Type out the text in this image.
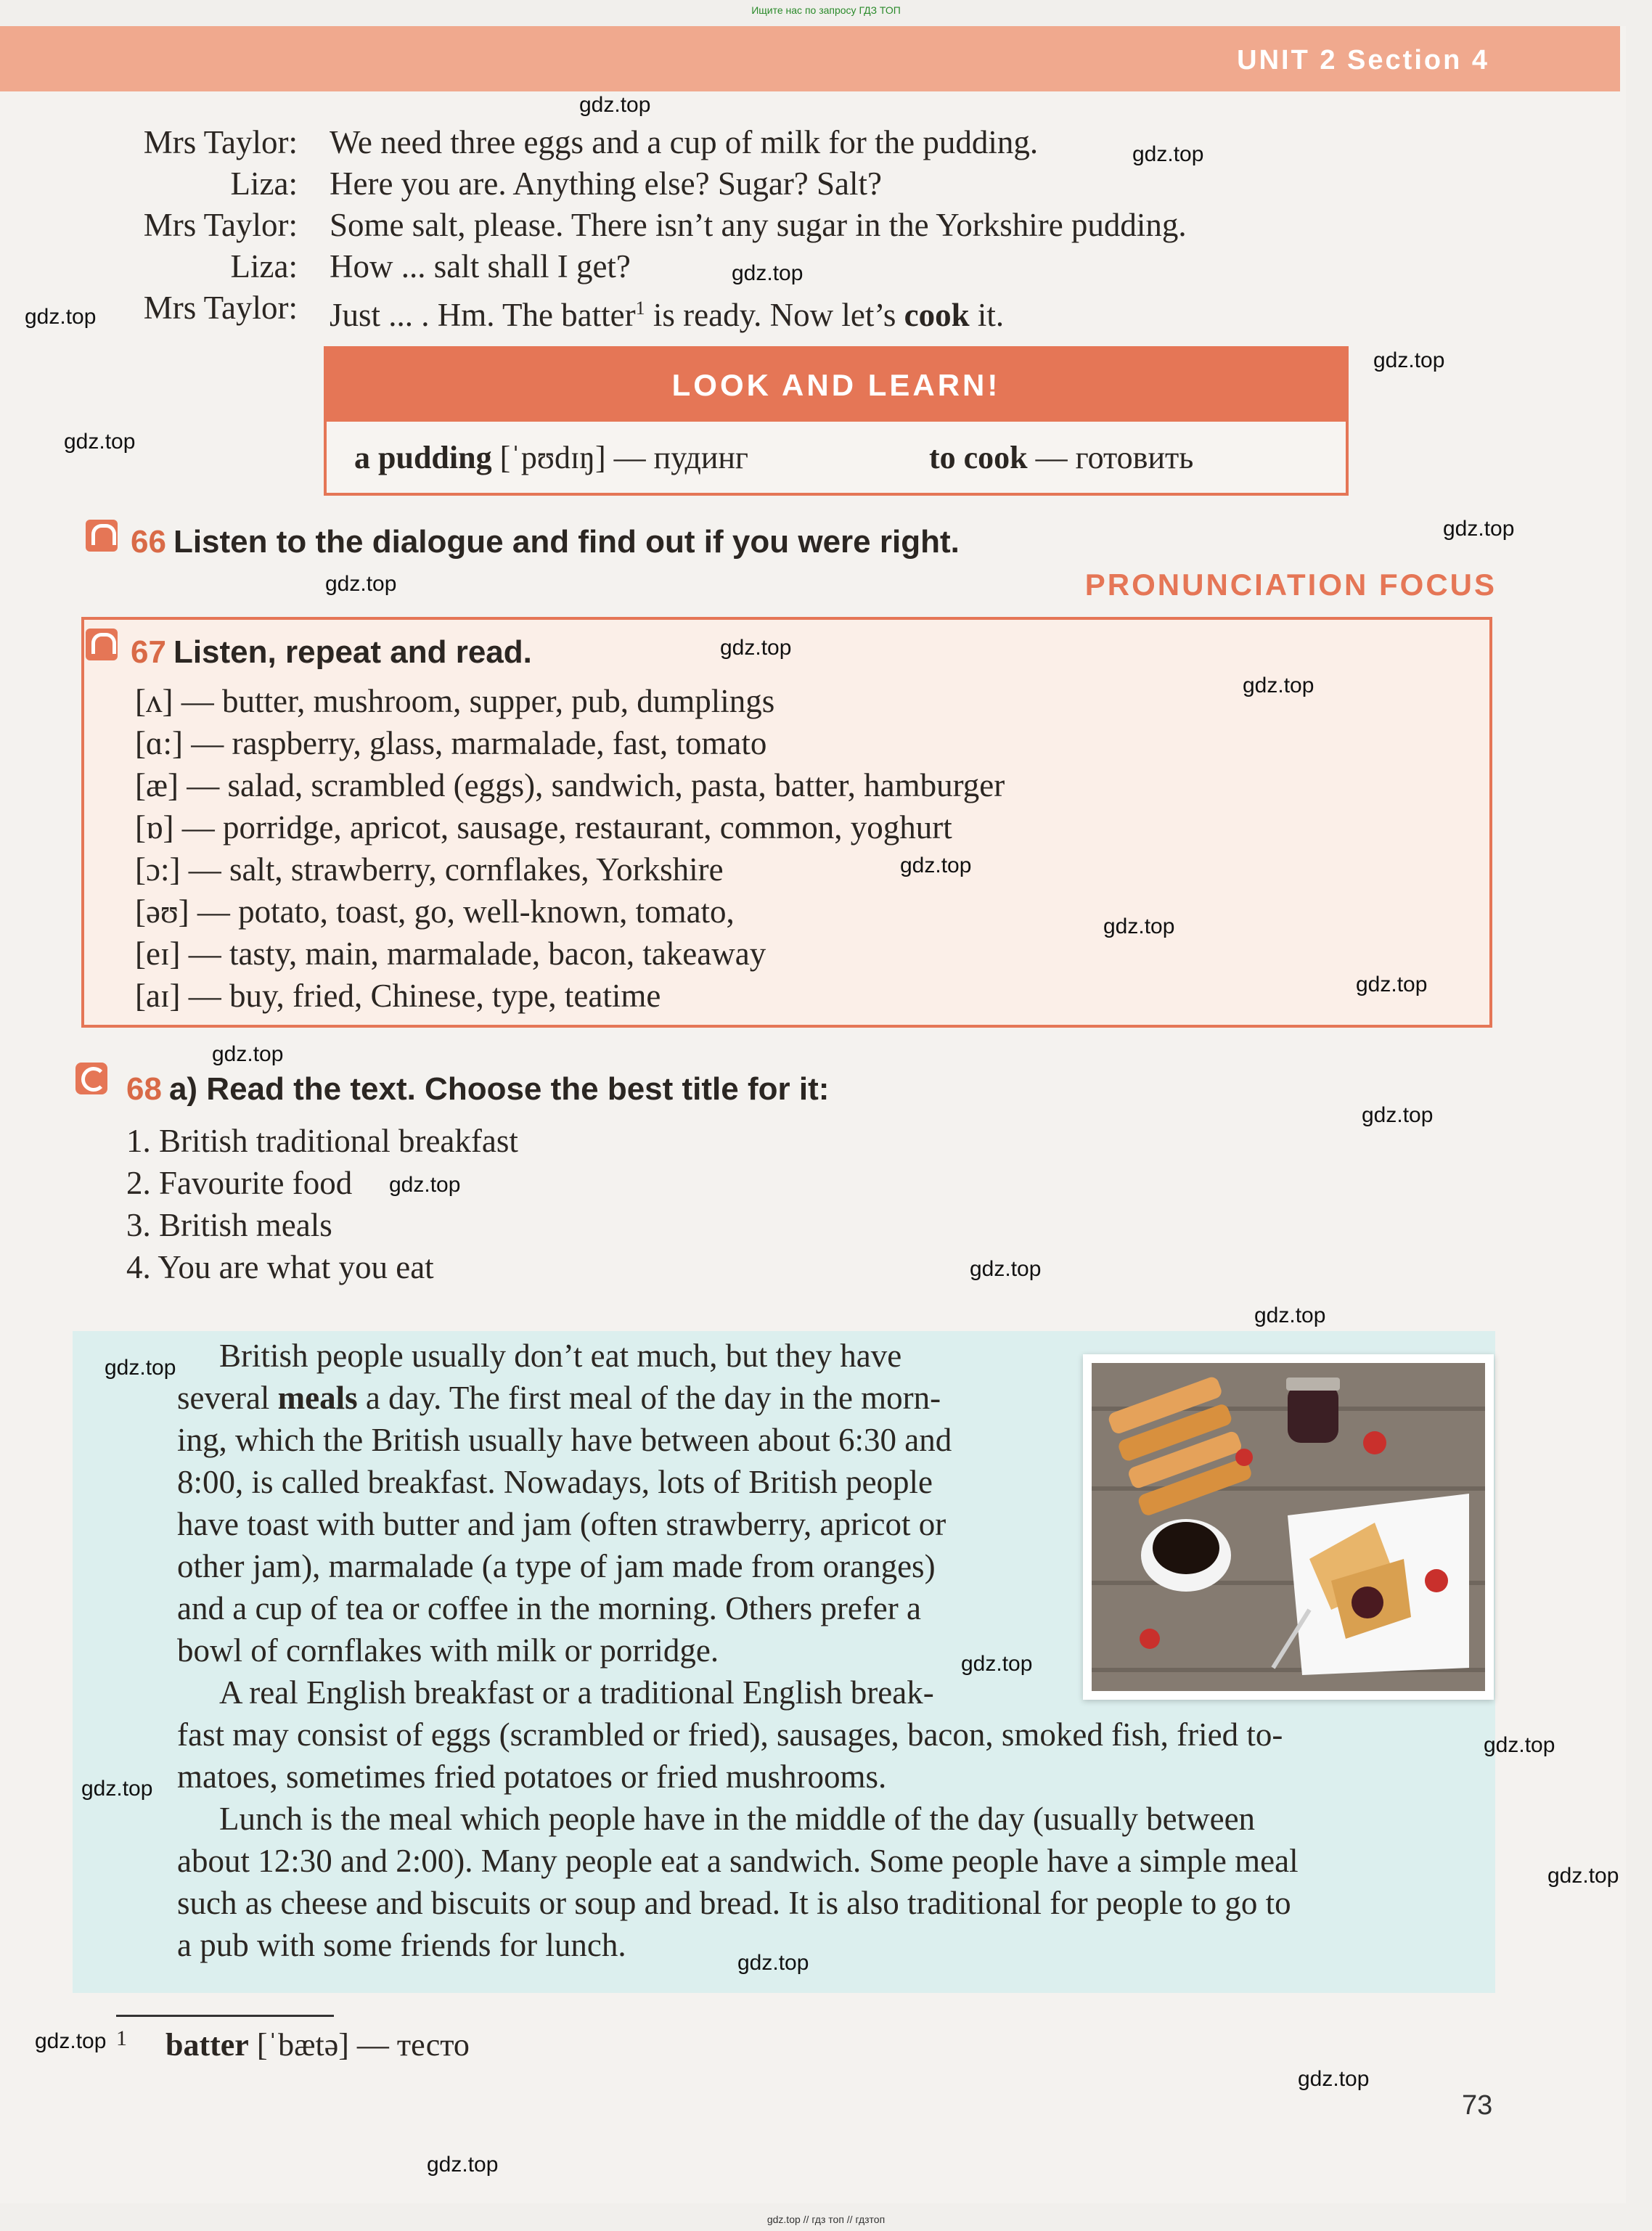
Ищите нас по запросу ГДЗ ТОП
UNIT 2 Section 4
Mrs Taylor: We need three eggs and a cup of milk for the pudding.
Liza: Here you are. Anything else? Sugar? Salt?
Mrs Taylor: Some salt, please. There isn’t any sugar in the Yorkshire pudding.
Liza: How ... salt shall I get?
Mrs Taylor: Just ... . Hm. The batter$^1$ is ready. Now let’s cook it.
LOOK AND LEARN!
a pudding [ˈpʊdɪŋ] — пудинг	to cook — готовить
66 Listen to the dialogue and find out if you were right.
PRONUNCIATION FOCUS
67 Listen, repeat and read.
[ʌ] — butter, mushroom, supper, pub, dumplings
[ɑ:] — raspberry, glass, marmalade, fast, tomato
[æ] — salad, scrambled (eggs), sandwich, pasta, batter, hamburger
[ɒ] — porridge, apricot, sausage, restaurant, common, yoghurt
[ɔ:] — salt, strawberry, cornflakes, Yorkshire
[əʊ] — potato, toast, go, well-known, tomato,
[eɪ] — tasty, main, marmalade, bacon, takeaway
[aɪ] — buy, fried, Chinese, type, teatime
68 a) Read the text. Choose the best title for it:
1. British traditional breakfast
2. Favourite food
3. British meals
4. You are what you eat
British people usually don’t eat much, but they have
several meals a day. The first meal of the day in the morn-
ing, which the British usually have between about 6:30 and
8:00, is called breakfast. Nowadays, lots of British people
have toast with butter and jam (often strawberry, apricot or
other jam), marmalade (a type of jam made from oranges)
and a cup of tea or coffee in the morning. Others prefer a
bowl of cornflakes with milk or porridge.
A real English breakfast or a traditional English break-
fast may consist of eggs (scrambled or fried), sausages, bacon, smoked fish, fried to-
matoes, sometimes fried potatoes or fried mushrooms.
Lunch is the meal which people have in the middle of the day (usually between
about 12:30 and 2:00). Many people eat a sandwich. Some people have a simple meal
such as cheese and biscuits or soup and bread. It is also traditional for people to go to
a pub with some friends for lunch.
1 batter [ˈbætə] — тесто
73
gdz.top
gdz.top
gdz.top
gdz.top
gdz.top
gdz.top
gdz.top
gdz.top
gdz.top
gdz.top
gdz.top
gdz.top
gdz.top
gdz.top
gdz.top
gdz.top
gdz.top
gdz.top
gdz.top
gdz.top
gdz.top
gdz.top
gdz.top
gdz.top
gdz.top
gdz.top
gdz.top
gdz.top // гдз топ // гдзтоп
